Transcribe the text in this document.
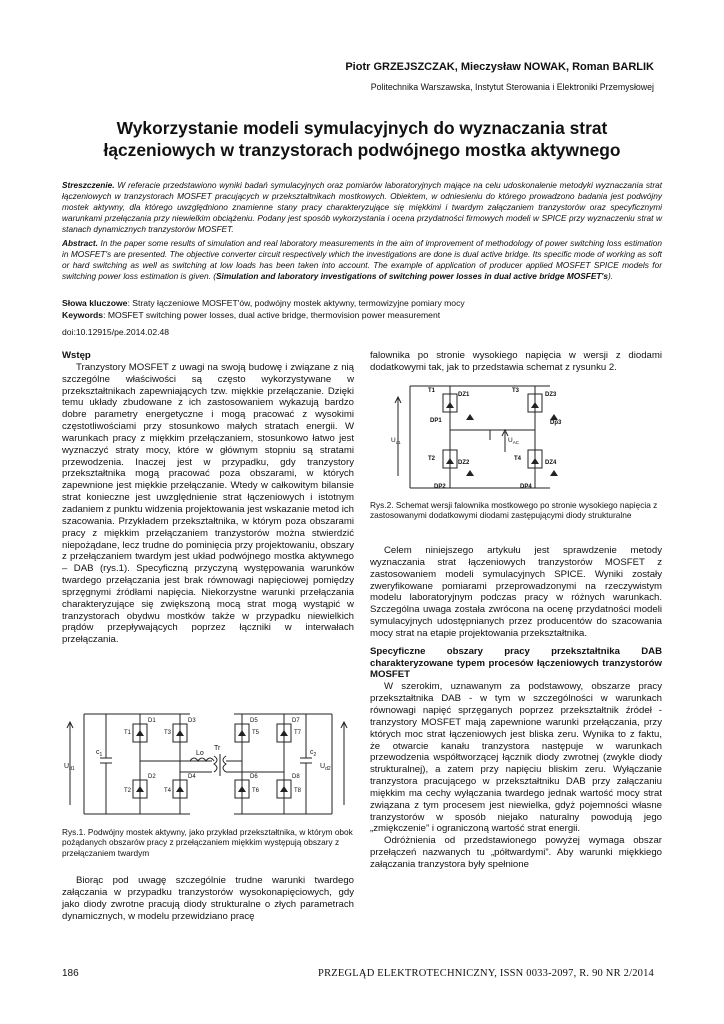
Piotr GRZEJSZCZAK, Mieczysław NOWAK, Roman BARLIK
Politechnika Warszawska, Instytut Sterowania i Elektroniki Przemysłowej
Wykorzystanie modeli symulacyjnych do wyznaczania strat
łączeniowych w tranzystorach podwójnego mostka aktywnego
Streszczenie. W referacie przedstawiono wyniki badań symulacyjnych oraz pomiarów laboratoryjnych mające na celu udoskonalenie metodyki wyznaczania strat łączeniowych w tranzystorach MOSFET pracujących w przekształtnikach mostkowych. Obiektem, w odniesieniu do którego prowadzono badania jest podwójny mostek aktywny, dla którego uwzględniono znamienne stany pracy charakteryzujące się miękkimi i twardym załączaniem tranzystorów oraz specyficznymi warunkami przełączania przy niewielkim obciążeniu. Podany jest sposób wykorzystania i ocena przydatności firmowych modeli w SPICE przy wyznaczeniu strat w stanach dynamicznych tranzystorów MOSFET.
Abstract. In the paper some results of simulation and real laboratory measurements in the aim of improvement of methodology of power switching loss estimation in MOSFET's are presented. The objective converter circuit respectively which the investigations are done is dual active bridge. Its specific mode of working as soft or hard switching as well as switching at low loads has been taken into account. The example of application of producer applied MOSFET SPICE models for switching power loss estimation is given. (Simulation and laboratory investigations of switching power losses in dual active bridge MOSFET's).
Słowa kluczowe: Straty łączeniowe MOSFET'ów, podwójny mostek aktywny, termowizyjne pomiary mocy
Keywords: MOSFET switching power losses, dual active bridge, thermovision power measurement
doi:10.12915/pe.2014.02.48
Wstęp

Tranzystory MOSFET z uwagi na swoją budowę i związane z nią szczególne właściwości są często wykorzystywane w przekształtnikach zapewniających tzw. miękkie przełączanie. Dzięki temu układy zbudowane z ich zastosowaniem wykazują bardzo dobre parametry energetyczne i mogą pracować z wysokimi częstotliwościami przy stosunkowo małych stratach energii. W warunkach pracy z miękkim przełączaniem, stosunkowo łatwo jest wyznaczyć straty mocy, które w głównym stopniu są stratami przewodzenia. Inaczej jest w przypadku, gdy tranzystory przekształtnika mogą pracować poza obszarami, w których zapewnione jest miękkie przełączanie. Wtedy w całkowitym bilansie strat konieczne jest uwzględnienie strat łączeniowych i istotnym zadaniem z punktu widzenia projektowania jest wskazanie metod ich szacowania. Przykładem przekształtnika, w którym poza obszarami pracy z miękkim przełączaniem tranzystorów można stwierdzić niepożądane, lecz trudne do pominięcia przy projektowaniu, obszary z przełączaniem twardym jest układ podwójnego mostka aktywnego – DAB (rys.1). Specyficzną przyczyną występowania warunków twardego przełączania jest brak równowagi napięciowej pomiędzy sprzęgnymi źródłami napięcia. Niekorzystne warunki przełączania charakteryzujące się zwiększoną mocą strat mogą wystąpić w tranzystorach obydwu mostków także w przypadku niewielkich prądów przepływających poprzez łączniki w interwałach przełączania.

$U_{d1}$	$U_{d2}$
$c_1$	$c_2$
Lo
Tr
T1
T2
T3
T4
T5
T6
T7
T8
D1
D2
D3
D4
D5
D6
D7
D8
Rys.1. Podwójny mostek aktywny, jako przykład przekształtnika, w którym obok pożądanych obszarów pracy z przełączaniem miękkim występują obszary z przełączaniem twardym

Biorąc pod uwagę szczególnie trudne warunki twardego załączania w przypadku tranzystorów wysokonapięciowych, gdy jako diody zwrotne pracują diody strukturalne o złych parametrach dynamicznych, w modelu przewidziano pracę

falownika po stronie wysokiego napięcia w wersji z diodami dodatkowymi tak, jak to przedstawia schemat z rysunku 2.

T1
T2
T3
T4
DZ1
DZ2
DZ3
DZ4
DP1
DP2
Dp3
DP4
$U_{d1}$	$U_{AC}$
Rys.2. Schemat wersji falownika mostkowego po stronie wysokiego napięcia z zastosowanymi dodatkowymi diodami zastępującymi diody strukturalne

Celem niniejszego artykułu jest sprawdzenie metody wyznaczania strat łączeniowych tranzystorów MOSFET z zastosowaniem modeli symulacyjnych SPICE. Wyniki zostały zweryfikowane pomiarami przeprowadzonymi na rzeczywistym modelu laboratoryjnym podczas pracy w różnych warunkach. Szczególna uwaga została zwrócona na ocenę przydatności modeli symulacyjnych udostępnianych przez producentów do szacowania mocy strat na etapie projektowania przekształtnika.

Specyficzne obszary pracy przekształtnika DAB charakteryzowane typem procesów łączeniowych tranzystorów MOSFET

W szerokim, uznawanym za podstawowy, obszarze pracy przekształtnika DAB - w tym w szczególności w warunkach równowagi napięć sprzęganych poprzez przekształtnik źródeł - tranzystory MOSFET mają zapewnione warunki przełączania, przy których moc strat łączeniowych jest bliska zeru. Wynika to z faktu, że otwarcie kanału tranzystora następuje w warunkach przewodzenia współtworzącej łącznik diody zwrotnej (zwykle diody strukturalnej), a zatem przy napięciu bliskim zeru. Wyłączanie tranzystora pracującego w przekształtniku DAB przy załączaniu miękkim ma cechy wyłączania twardego jednak wartość mocy strat związana z tym procesem jest niewielka, gdyż pojemności własne tranzystorów w sposób niejako naturalny powodują jego „zmiękczenie” i ograniczoną wartość strat energii.

Odróżnienia od przedstawionego powyżej wymaga obszar przełączeń nazwanych tu „półtwardymi”. Aby warunki miękkiego załączania tranzystora były spełnione

186	PRZEGLĄD ELEKTROTECHNICZNY, ISSN 0033-2097, R. 90 NR 2/2014
